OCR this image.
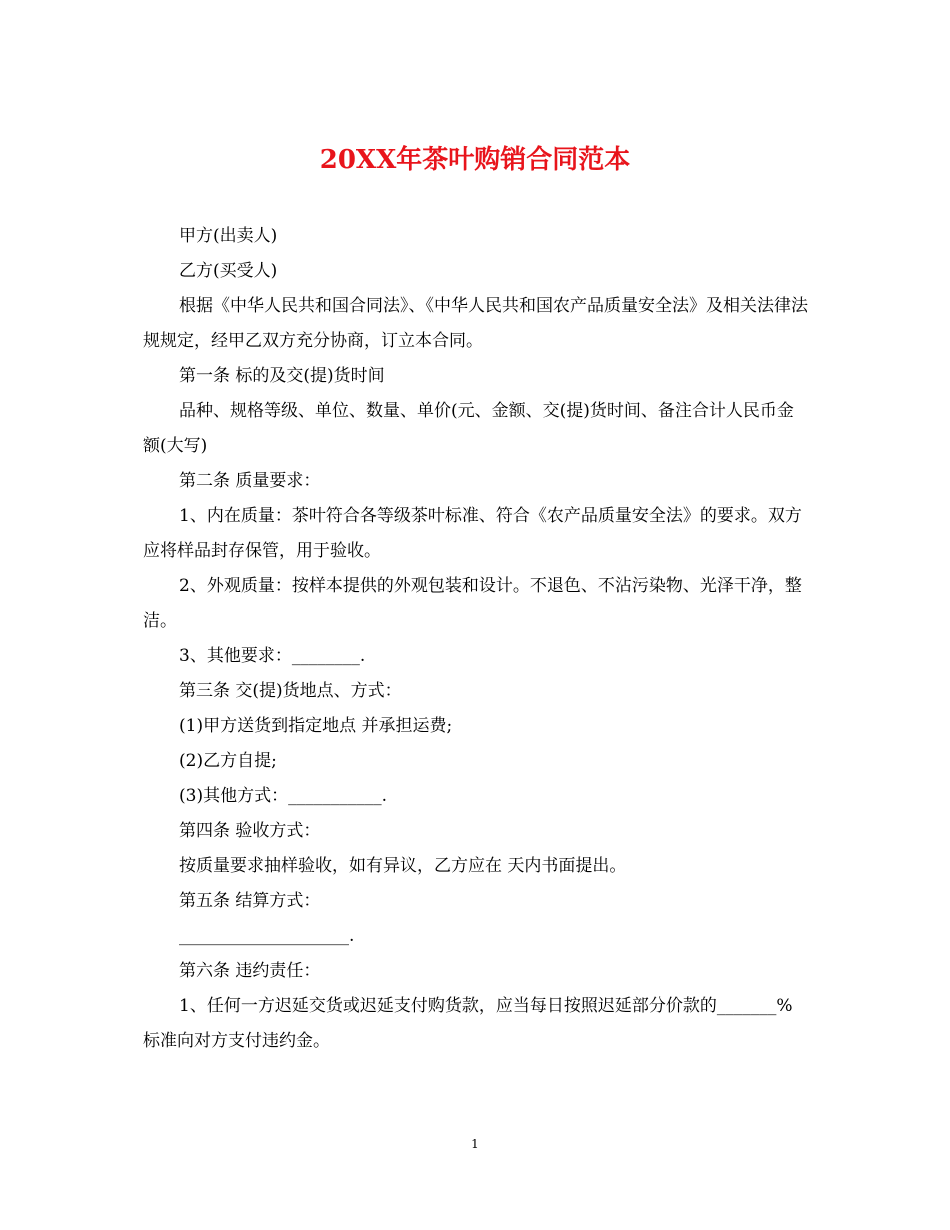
20XX年茶叶购销合同范本

甲方(出卖人)

乙方(买受人)

根据《中华人民共和国合同法》、《中华人民共和国农产品质量安全法》及相关法律法规规定，经甲乙双方充分协商，订立本合同。

第一条 标的及交(提)货时间

品种、规格等级、单位、数量、单价(元、金额、交(提)货时间、备注合计人民币金额(大写)

第二条 质量要求：

1、内在质量：茶叶符合各等级茶叶标准、符合《农产品质量安全法》的要求。双方应将样品封存保管，用于验收。

2、外观质量：按样本提供的外观包装和设计。不退色、不沾污染物、光泽干净，整洁。

3、其他要求：________.

第三条 交(提)货地点、方式：

(1)甲方送货到指定地点 并承担运费;

(2)乙方自提;

(3)其他方式：___________.

第四条 验收方式：

按质量要求抽样验收，如有异议，乙方应在 天内书面提出。

第五条 结算方式：

____________________.

第六条 违约责任：

1、任何一方迟延交货或迟延支付购货款，应当每日按照迟延部分价款的_______%标准向对方支付违约金。

1
